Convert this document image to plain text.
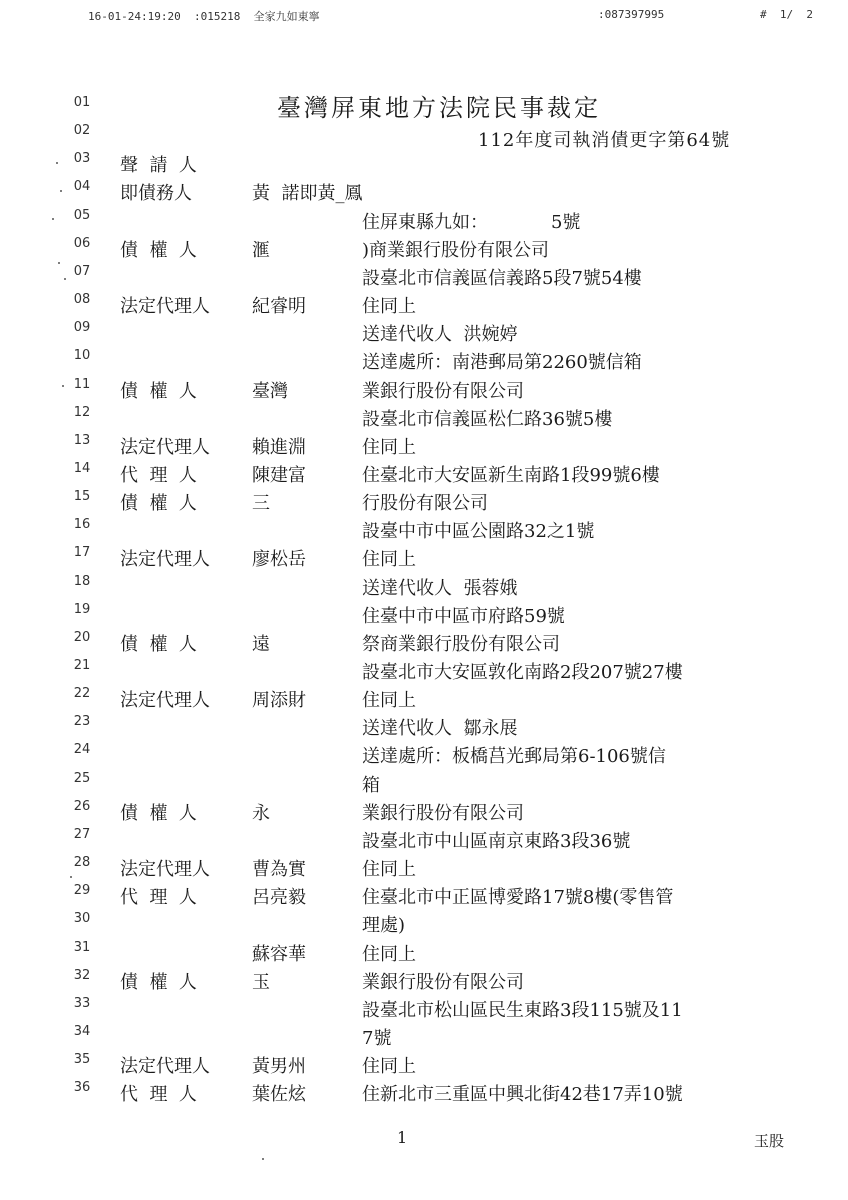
16-01-24:19:20  :015218  全家九如東寧	:087397995	#  1/  2
臺灣屏東地方法院民事裁定
112年度司執消債更字第64號
01
02
03	聲  請  人
04	即債務人	黃  諾即黃_鳳
05	住屏東縣九如：           5號
06	債  權  人	滙	)商業銀行股份有限公司
07	設臺北市信義區信義路5段7號54樓
08	法定代理人 紀睿明	住同上
09	送達代收人  洪婉婷
10	送達處所：南港郵局第2260號信箱
11	債  權  人	臺灣	業銀行股份有限公司
12	設臺北市信義區松仁路36號5樓
13	法定代理人 賴進淵	住同上
14	代  理  人	陳建富	住臺北市大安區新生南路1段99號6樓
15	債  權  人	三	行股份有限公司
16	設臺中市中區公園路32之1號
17	法定代理人 廖松岳	住同上
18	送達代收人  張蓉娥
19	住臺中市中區市府路59號
20	債  權  人	遠	祭商業銀行股份有限公司
21	設臺北市大安區敦化南路2段207號27樓
22	法定代理人 周添財	住同上
23	送達代收人  鄒永展
24	送達處所：板橋莒光郵局第6-106號信
25	箱
26	債  權  人	永	業銀行股份有限公司
27	設臺北市中山區南京東路3段36號
28	法定代理人 曹為實	住同上
29	代  理  人	呂亮毅	住臺北市中正區博愛路17號8樓(零售管
30	理處)
31	蘇容華	住同上
32	債  權  人	玉	業銀行股份有限公司
33	設臺北市松山區民生東路3段115號及11
34	7號
35	法定代理人 黃男州	住同上
36	代  理  人	葉佐炫	住新北市三重區中興北街42巷17弄10號
1	玉股
